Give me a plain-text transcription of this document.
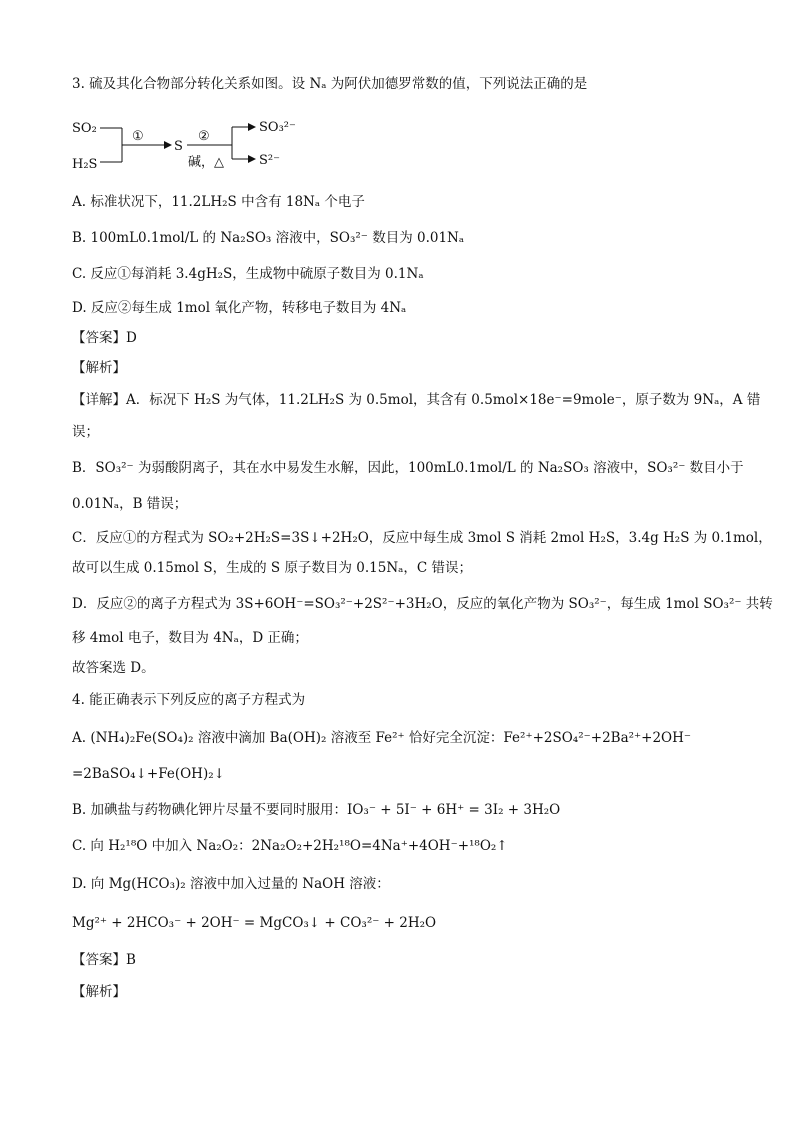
3. 硫及其化合物部分转化关系如图。设 Nₐ 为阿伏加德罗常数的值，下列说法正确的是
SO₂
H₂S
①
S
②
碱，△
SO₃²⁻
S²⁻
A. 标准状况下，11.2LH₂S 中含有 18Nₐ 个电子
B. 100mL0.1mol/L 的 Na₂SO₃ 溶液中，SO₃²⁻ 数目为 0.01Nₐ
C. 反应①每消耗 3.4gH₂S，生成物中硫原子数目为 0.1Nₐ
D. 反应②每生成 1mol 氧化产物，转移电子数目为 4Nₐ
【答案】D
【解析】
【详解】A．标况下 H₂S 为气体，11.2LH₂S 为 0.5mol，其含有 0.5mol×18e⁻=9mole⁻，原子数为 9Nₐ，A 错
误；
B．SO₃²⁻ 为弱酸阴离子，其在水中易发生水解，因此，100mL0.1mol/L 的 Na₂SO₃ 溶液中，SO₃²⁻ 数目小于
0.01Nₐ，B 错误；
C．反应①的方程式为 SO₂+2H₂S=3S↓+2H₂O，反应中每生成 3mol S 消耗 2mol H₂S，3.4g H₂S 为 0.1mol，
故可以生成 0.15mol S，生成的 S 原子数目为 0.15Nₐ，C 错误；
D．反应②的离子方程式为 3S+6OH⁻=SO₃²⁻+2S²⁻+3H₂O，反应的氧化产物为 SO₃²⁻，每生成 1mol SO₃²⁻ 共转
移 4mol 电子，数目为 4Nₐ，D 正确；
故答案选 D。
4. 能正确表示下列反应的离子方程式为
A. (NH₄)₂Fe(SO₄)₂ 溶液中滴加 Ba(OH)₂ 溶液至 Fe²⁺ 恰好完全沉淀：Fe²⁺+2SO₄²⁻+2Ba²⁺+2OH⁻
=2BaSO₄↓+Fe(OH)₂↓
B. 加碘盐与药物碘化钾片尽量不要同时服用：IO₃⁻ + 5I⁻ + 6H⁺ = 3I₂ + 3H₂O
C. 向 H₂¹⁸O 中加入 Na₂O₂：2Na₂O₂+2H₂¹⁸O=4Na⁺+4OH⁻+¹⁸O₂↑
D. 向 Mg(HCO₃)₂ 溶液中加入过量的 NaOH 溶液：
Mg²⁺ + 2HCO₃⁻ + 2OH⁻ = MgCO₃↓ + CO₃²⁻ + 2H₂O
【答案】B
【解析】
